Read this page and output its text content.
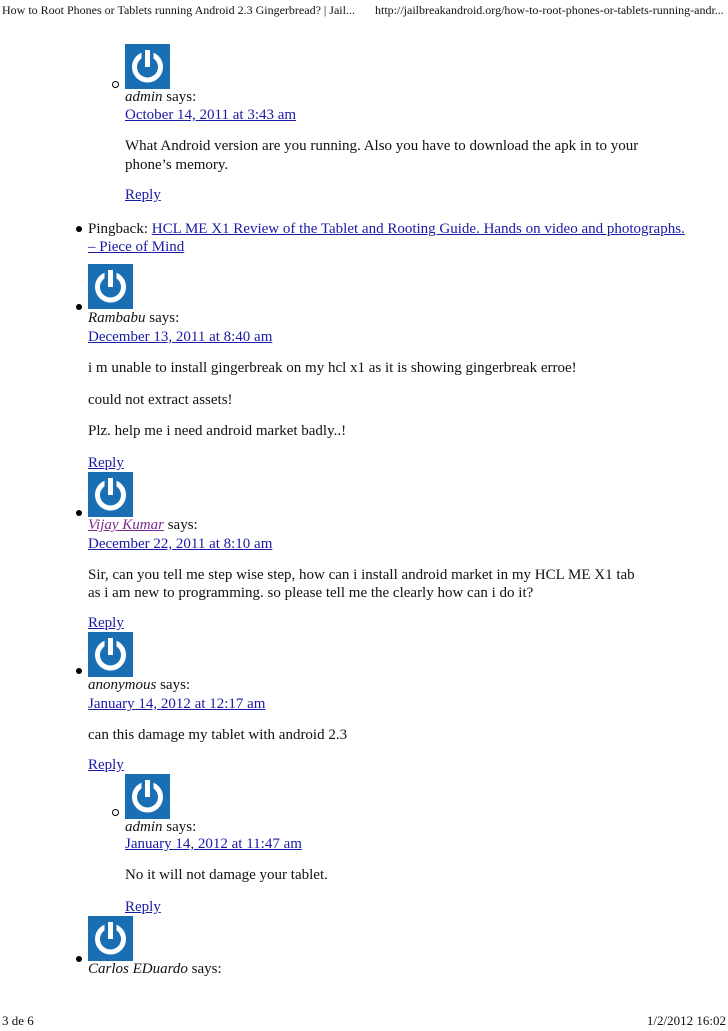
How to Root Phones or Tablets running Android 2.3 Gingerbread? | Jail... http://jailbreakandroid.org/how-to-root-phones-or-tablets-running-andr...
admin says:
October 14, 2011 at 3:43 am
What Android version are you running. Also you have to download the apk in to your
phone’s memory.
Reply
Pingback: HCL ME X1 Review of the Tablet and Rooting Guide. Hands on video and photographs.
– Piece of Mind
Rambabu says:
December 13, 2011 at 8:40 am
i m unable to install gingerbreak on my hcl x1 as it is showing gingerbreak erroe!
could not extract assets!
Plz. help me i need android market badly..!
Reply
Vijay Kumar says:
December 22, 2011 at 8:10 am
Sir, can you tell me step wise step, how can i install android market in my HCL ME X1 tab
as i am new to programming. so please tell me the clearly how can i do it?
Reply
anonymous says:
January 14, 2012 at 12:17 am
can this damage my tablet with android 2.3
Reply
admin says:
January 14, 2012 at 11:47 am
No it will not damage your tablet.
Reply
Carlos EDuardo says:
3 de 6	1/2/2012 16:02
